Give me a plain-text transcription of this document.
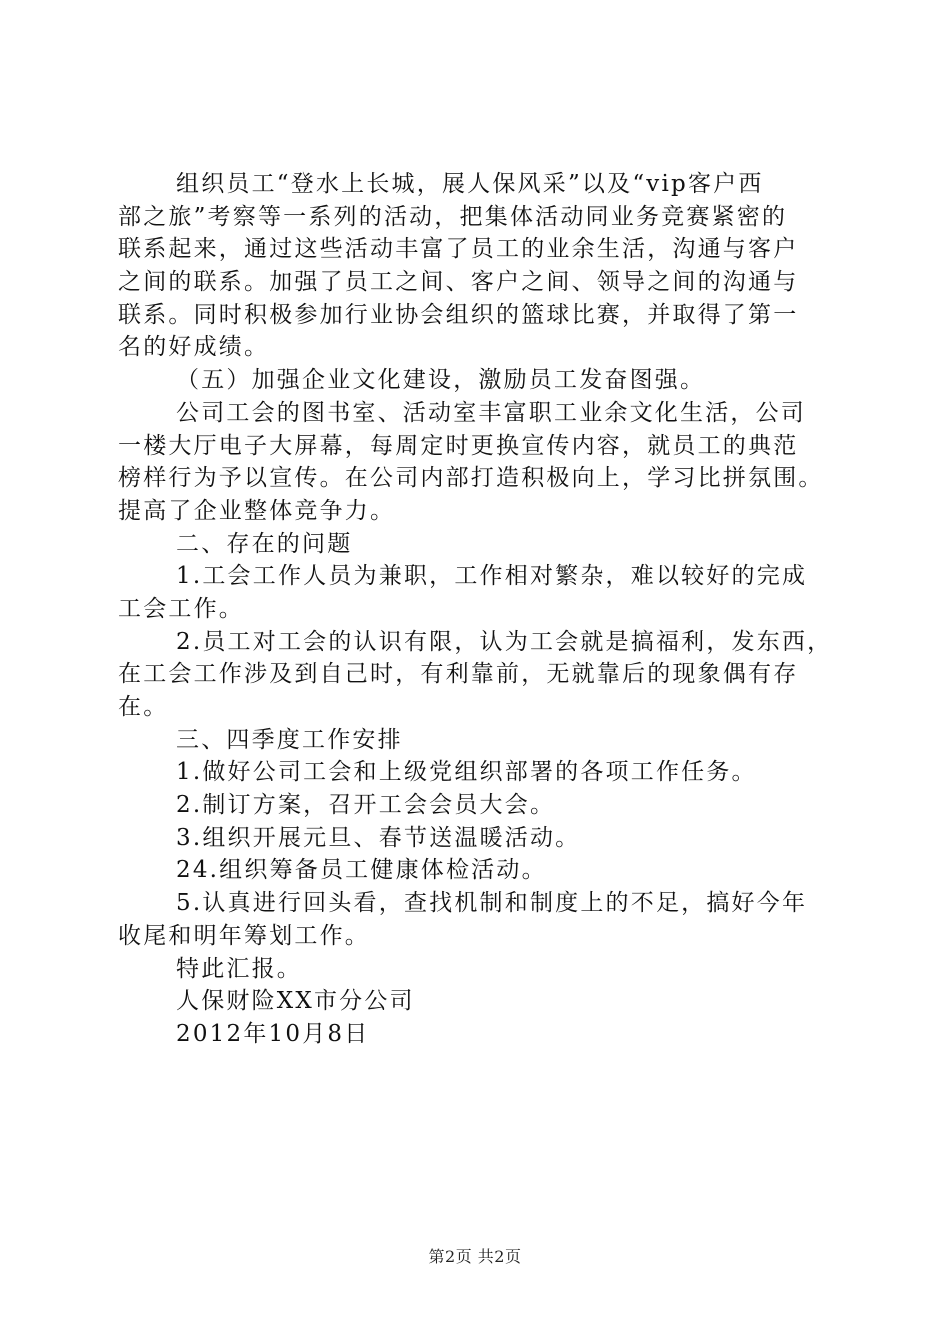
组织员工“登水上长城，展人保风采”以及“vip客户西
部之旅”考察等一系列的活动，把集体活动同业务竞赛紧密的
联系起来，通过这些活动丰富了员工的业余生活，沟通与客户
之间的联系。加强了员工之间、客户之间、领导之间的沟通与
联系。同时积极参加行业协会组织的篮球比赛，并取得了第一
名的好成绩。
（五）加强企业文化建设，激励员工发奋图强。
公司工会的图书室、活动室丰富职工业余文化生活，公司
一楼大厅电子大屏幕，每周定时更换宣传内容，就员工的典范
榜样行为予以宣传。在公司内部打造积极向上，学习比拼氛围。
提高了企业整体竞争力。
二、存在的问题
1.工会工作人员为兼职，工作相对繁杂，难以较好的完成
工会工作。
2.员工对工会的认识有限，认为工会就是搞福利，发东西，
在工会工作涉及到自己时，有利靠前，无就靠后的现象偶有存
在。
三、四季度工作安排
1.做好公司工会和上级党组织部署的各项工作任务。
2.制订方案，召开工会会员大会。
3.组织开展元旦、春节送温暖活动。
24.组织筹备员工健康体检活动。
5.认真进行回头看，查找机制和制度上的不足，搞好今年
收尾和明年筹划工作。
特此汇报。
人保财险XX市分公司
2012年10月8日
第2页 共2页
